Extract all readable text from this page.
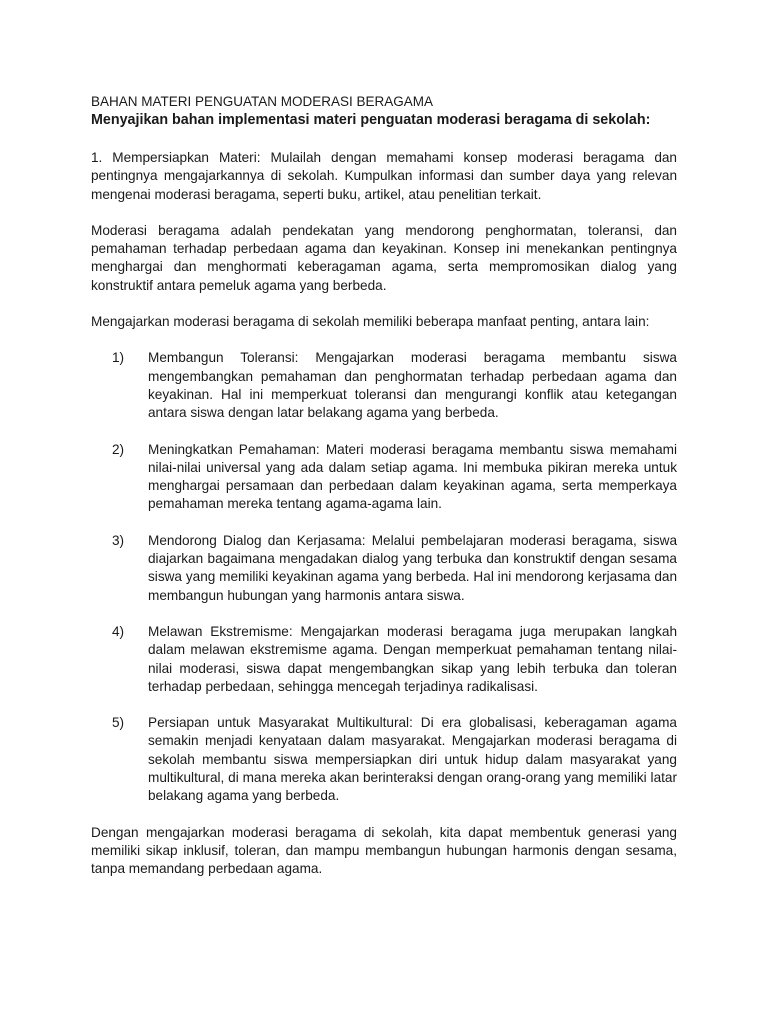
BAHAN MATERI PENGUATAN MODERASI BERAGAMA
Menyajikan bahan implementasi materi penguatan moderasi beragama di sekolah:

1. Mempersiapkan Materi: Mulailah dengan memahami konsep moderasi beragama dan pentingnya mengajarkannya di sekolah. Kumpulkan informasi dan sumber daya yang relevan mengenai moderasi beragama, seperti buku, artikel, atau penelitian terkait.

Moderasi beragama adalah pendekatan yang mendorong penghormatan, toleransi, dan pemahaman terhadap perbedaan agama dan keyakinan. Konsep ini menekankan pentingnya menghargai dan menghormati keberagaman agama, serta mempromosikan dialog yang konstruktif antara pemeluk agama yang berbeda.

Mengajarkan moderasi beragama di sekolah memiliki beberapa manfaat penting, antara lain:

1)	Membangun Toleransi: Mengajarkan moderasi beragama membantu siswa mengembangkan pemahaman dan penghormatan terhadap perbedaan agama dan keyakinan. Hal ini memperkuat toleransi dan mengurangi konflik atau ketegangan antara siswa dengan latar belakang agama yang berbeda.
2)	Meningkatkan Pemahaman: Materi moderasi beragama membantu siswa memahami nilai-nilai universal yang ada dalam setiap agama. Ini membuka pikiran mereka untuk menghargai persamaan dan perbedaan dalam keyakinan agama, serta memperkaya pemahaman mereka tentang agama-agama lain.
3)	Mendorong Dialog dan Kerjasama: Melalui pembelajaran moderasi beragama, siswa diajarkan bagaimana mengadakan dialog yang terbuka dan konstruktif dengan sesama siswa yang memiliki keyakinan agama yang berbeda. Hal ini mendorong kerjasama dan membangun hubungan yang harmonis antara siswa.
4)	Melawan Ekstremisme: Mengajarkan moderasi beragama juga merupakan langkah dalam melawan ekstremisme agama. Dengan memperkuat pemahaman tentang nilai-nilai moderasi, siswa dapat mengembangkan sikap yang lebih terbuka dan toleran terhadap perbedaan, sehingga mencegah terjadinya radikalisasi.
5)	Persiapan untuk Masyarakat Multikultural: Di era globalisasi, keberagaman agama semakin menjadi kenyataan dalam masyarakat. Mengajarkan moderasi beragama di sekolah membantu siswa mempersiapkan diri untuk hidup dalam masyarakat yang multikultural, di mana mereka akan berinteraksi dengan orang-orang yang memiliki latar belakang agama yang berbeda.

Dengan mengajarkan moderasi beragama di sekolah, kita dapat membentuk generasi yang memiliki sikap inklusif, toleran, dan mampu membangun hubungan harmonis dengan sesama, tanpa memandang perbedaan agama.
